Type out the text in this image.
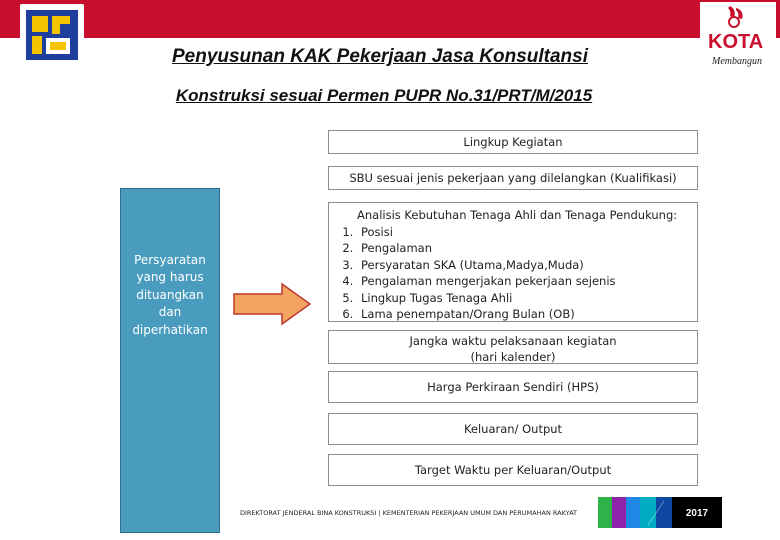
KOTA
Membangun
Penyusunan KAK Pekerjaan Jasa Konsultansi
Konstruksi sesuai Permen PUPR No.31/PRT/M/2015
Persyaratan yang harus dituangkan dan diperhatikan
Lingkup Kegiatan
SBU sesuai jenis pekerjaan yang dilelangkan (Kualifikasi)
Analisis Kebutuhan Tenaga Ahli dan Tenaga Pendukung:
1. Posisi
2. Pengalaman
3. Persyaratan SKA (Utama,Madya,Muda)
4. Pengalaman mengerjakan pekerjaan sejenis
5. Lingkup Tugas Tenaga Ahli
6. Lama penempatan/Orang Bulan (OB)
Jangka waktu pelaksanaan kegiatan
(hari kalender)
Harga Perkiraan Sendiri (HPS)
Keluaran/ Output
Target Waktu per Keluaran/Output
DIREKTORAT JENDERAL BINA KONSTRUKSI | KEMENTERIAN PEKERJAAN UMUM DAN PERUMAHAN RAKYAT	2017
